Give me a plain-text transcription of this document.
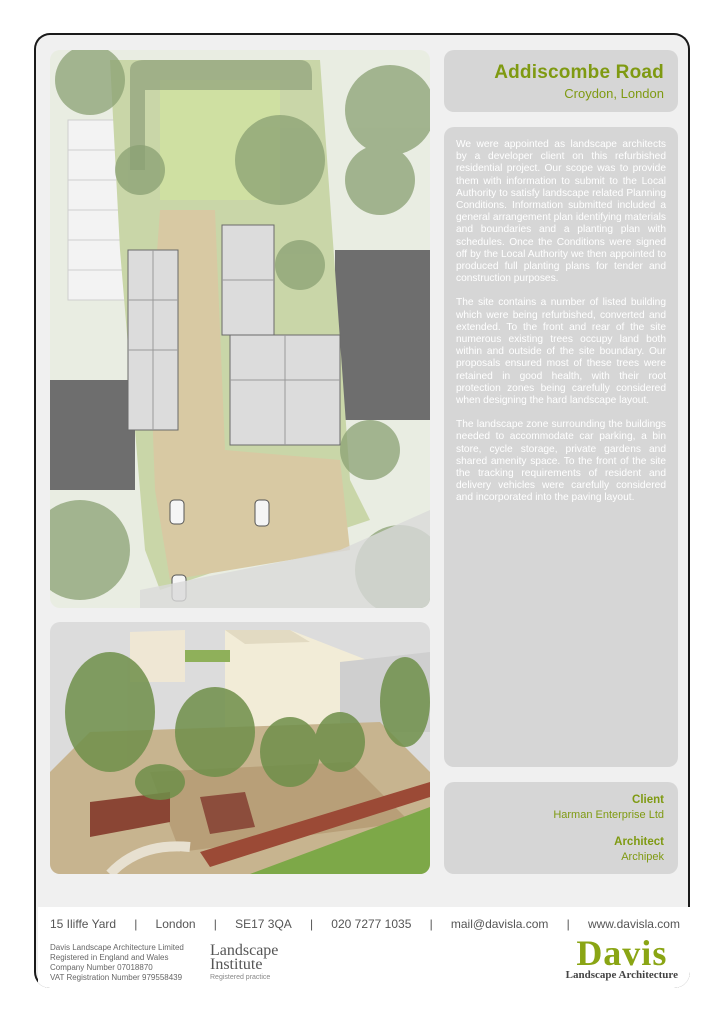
Addiscombe Road
Croydon, London

We were appointed as landscape architects by a developer client on this refurbished residential project. Our scope was to provide them with information to submit to the Local Authority to satisfy landscape related Planning Conditions. Information submitted included a general arrangement plan identifying materials and boundaries and a planting plan with schedules. Once the Conditions were signed off by the Local Authority we then appointed to produced full planting plans for tender and construction purposes.

The site contains a number of listed building which were being refurbished, converted and extended. To the front and rear of the site numerous existing trees occupy land both within and outside of the site boundary. Our proposals ensured most of these trees were retained in good health, with their root protection zones being carefully considered when designing the hard landscape layout.

The landscape zone surrounding the buildings needed to accommodate car parking, a bin store, cycle storage, private gardens and shared amenity space. To the front of the site the tracking requirements of resident and delivery vehicles were carefully considered and incorporated into the paving layout.

Client
Harman Enterprise Ltd
Architect
Archipek
15 Iliffe Yard | London | SE17 3QA | 020 7277 1035 | mail@davisla.com | www.davisla.com
Davis Landscape Architecture Limited
Registered in England and Wales
Company Number 07018870
VAT Registration Number 979558439
Landscape
Institute
Registered practice
Davis
Landscape Architecture
